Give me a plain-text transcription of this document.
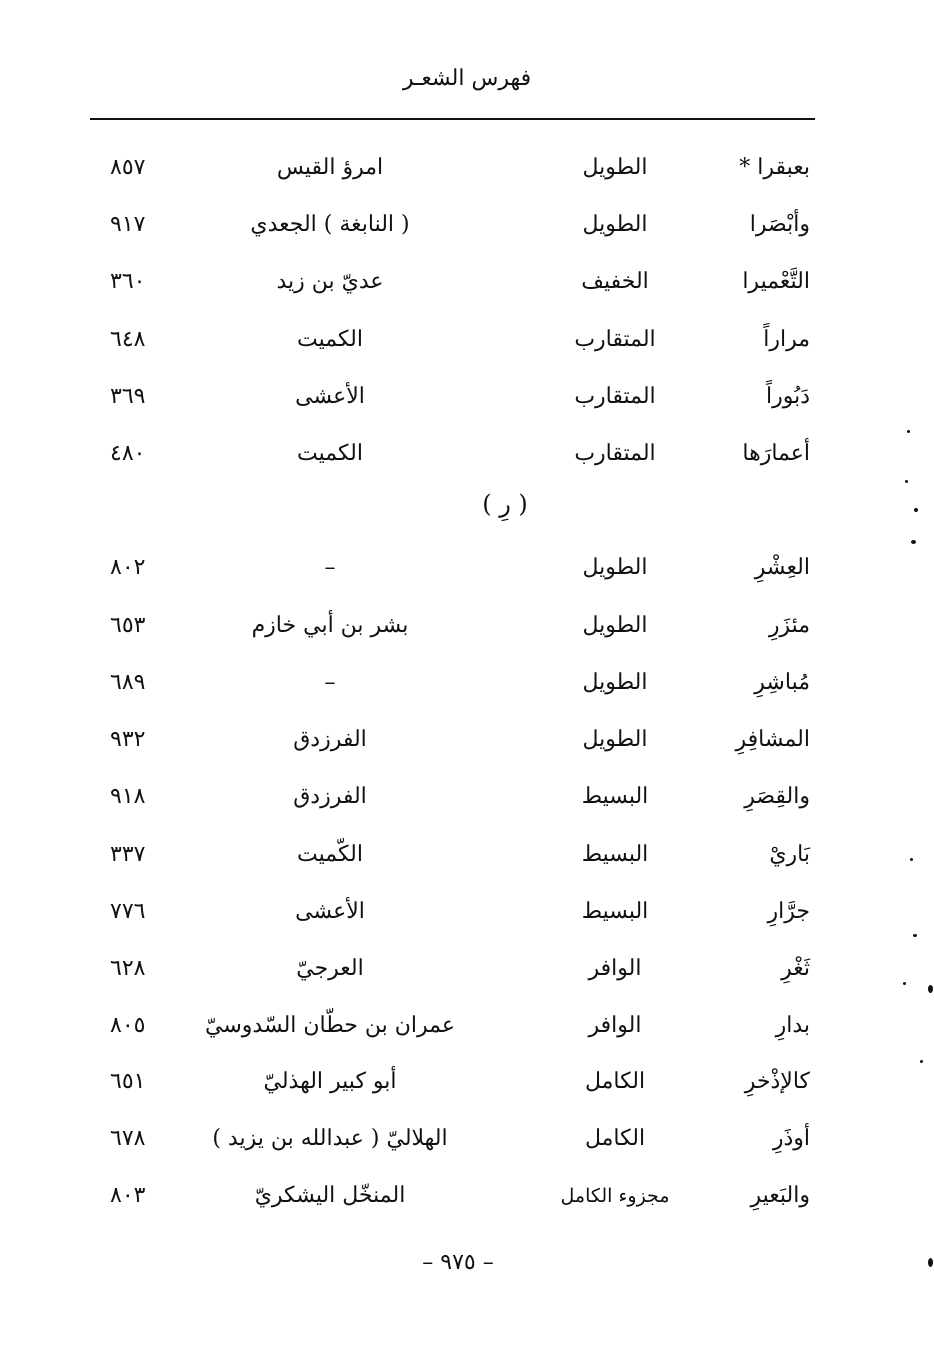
فهرس الشعـر
بعبقرا *
الطويل
امرؤ القيس
٨٥٧
وأبْصَرا
الطويل
( النابغة ) الجعدي
٩١٧
التَّعْميرا
الخفيف
عديّ بن زيد
٣٦٠
مراراً
المتقارب
الكميت
٦٤٨
دَبُوراً
المتقارب
الأعشى
٣٦٩
أعمارَها
المتقارب
الكميت
٤٨٠
( رِ )
العِشْرِ
الطويل
–
٨٠٢
مئزَرِ
الطويل
بشر بن أبي خازم
٦٥٣
مُباشِرِ
الطويل
–
٦٨٩
المشافِرِ
الطويل
الفرزدق
٩٣٢
والقِصَرِ
البسيط
الفرزدق
٩١٨
بَاريْ
البسيط
الكّميت
٣٣٧
جرَّارِ
البسيط
الأعشى
٧٧٦
ثَغْرِ
الوافر
العرجيّ
٦٢٨
بدارِ
الوافر
عمران بن حطّان السّدوسيّ
٨٠٥
كالإذْخرِ
الكامل
أبو كبير الهذليّ
٦٥١
أوذَرِ
الكامل
الهلاليّ ( عبدالله بن يزيد )
٦٧٨
والبَعيرِ
مجزوء الكامل
المنخّل اليشكريّ
٨٠٣
– ٩٧٥ –
